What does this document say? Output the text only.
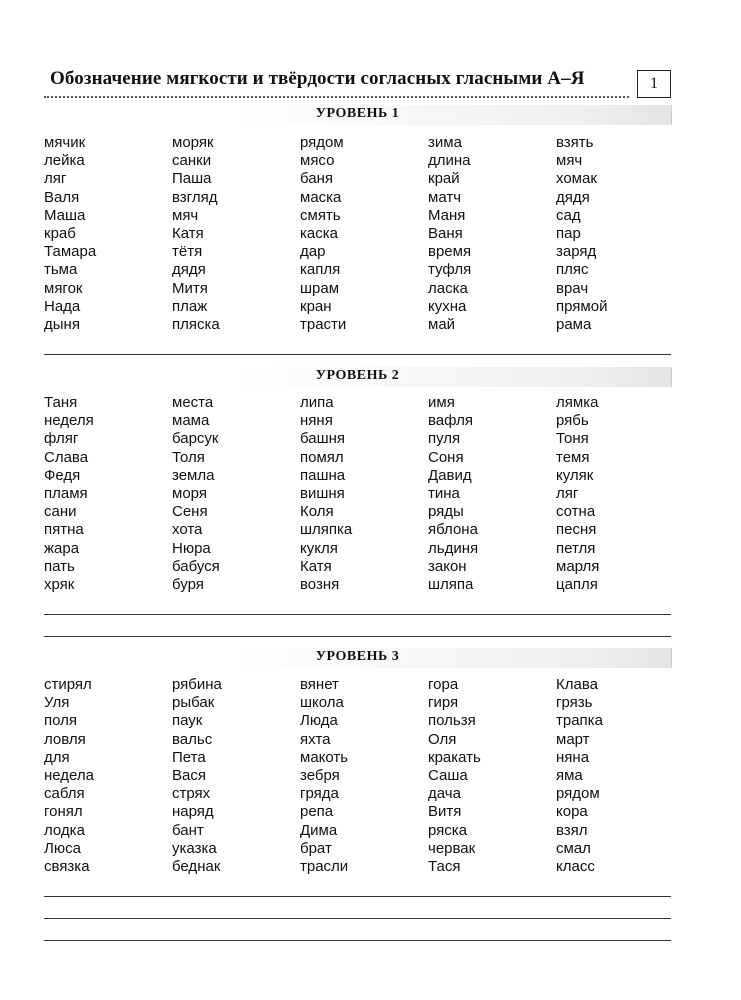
Обозначение мягкости и твёрдости согласных гласными А–Я	1
УРОВЕНЬ 1
мячик	моряк	рядом	зима	взять
лейка	санки	мясо	длина	мяч
ляг	Паша	баня	край	хомак
Валя	взгляд	маска	матч	дядя
Маша	мяч	смять	Маня	сад
краб	Катя	каска	Ваня	пар
Тамара	тётя	дар	время	заряд
тьма	дядя	капля	туфля	пляс
мягок	Митя	шрам	ласка	врач
Нада	плаж	кран	кухна	прямой
дыня	пляска	трасти	май	рама
УРОВЕНЬ 2
Таня	места	липа	имя	лямка
неделя	мама	няня	вафля	рябь
фляг	барсук	башня	пуля	Тоня
Слава	Толя	помял	Соня	темя
Федя	земла	пашна	Давид	куляк
пламя	моря	вишня	тина	ляг
сани	Сеня	Коля	ряды	сотна
пятна	хота	шляпка	яблона	песня
жара	Нюра	кукля	льдиня	петля
пать	бабуся	Катя	закон	марля
хряк	буря	возня	шляпа	цапля
УРОВЕНЬ 3
стирял	рябина	вянет	гора	Клава
Уля	рыбак	школа	гиря	грязь
поля	паук	Люда	пользя	трапка
ловля	вальс	яхта	Оля	март
для	Пета	макоть	кракать	няна
недела	Вася	зебря	Саша	яма
сабля	стрях	гряда	дача	рядом
гонял	наряд	репа	Витя	кора
лодка	бант	Дима	ряска	взял
Люса	указка	брат	червак	смал
связка	беднак	трасли	Тася	класс
